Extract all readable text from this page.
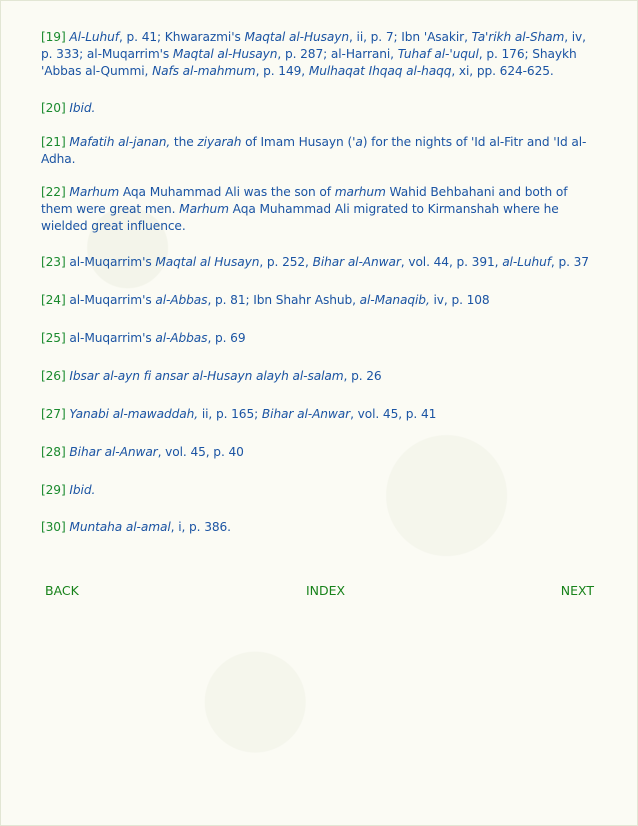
[19] Al-Luhuf, p. 41; Khwarazmi's Maqtal al-Husayn, ii, p. 7; Ibn 'Asakir, Ta'rikh al-Sham, iv, p. 333; al-Muqarrim's Maqtal al-Husayn, p. 287; al-Harrani, Tuhaf al-'uqul, p. 176; Shaykh 'Abbas al-Qummi, Nafs al-mahmum, p. 149, Mulhaqat Ihqaq al-haqq, xi, pp. 624-625.

[20] Ibid.

[21] Mafatih al-janan, the ziyarah of Imam Husayn ('a) for the nights of 'Id al-Fitr and 'Id al-Adha.

[22] Marhum Aqa Muhammad Ali was the son of marhum Wahid Behbahani and both of them were great men. Marhum Aqa Muhammad Ali migrated to Kirmanshah where he wielded great influence.

[23] al-Muqarrim's Maqtal al Husayn, p. 252, Bihar al-Anwar, vol. 44, p. 391, al-Luhuf, p. 37

[24] al-Muqarrim's al-Abbas, p. 81; Ibn Shahr Ashub, al-Manaqib, iv, p. 108

[25] al-Muqarrim's al-Abbas, p. 69

[26] Ibsar al-ayn fi ansar al-Husayn alayh al-salam, p. 26

[27] Yanabi al-mawaddah, ii, p. 165; Bihar al-Anwar, vol. 45, p. 41

[28] Bihar al-Anwar, vol. 45, p. 40

[29] Ibid.

[30] Muntaha al-amal, i, p. 386.

BACK	INDEX	NEXT
